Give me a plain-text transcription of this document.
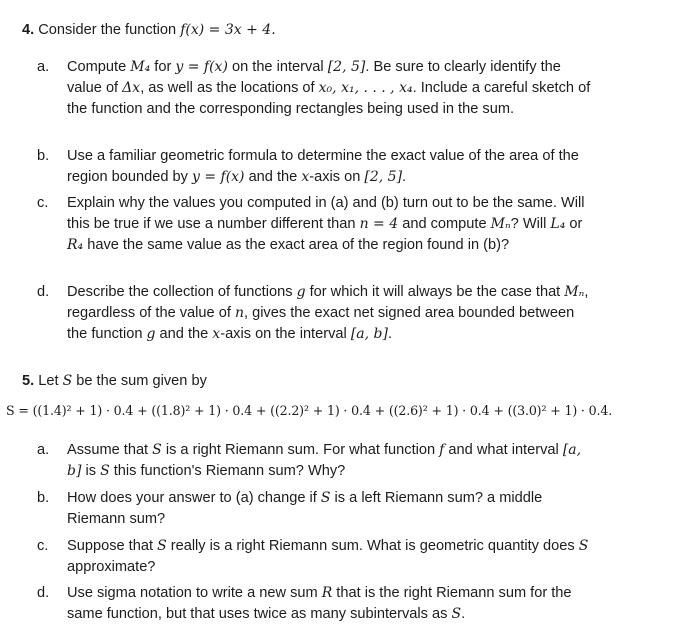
4. Consider the function f(x) = 3x + 4.
a.	Compute M₄ for y = f(x) on the interval [2, 5]. Be sure to clearly identify the value of Δx, as well as the locations of x₀, x₁, . . . , x₄. Include a careful sketch of the function and the corresponding rectangles being used in the sum.
b.	Use a familiar geometric formula to determine the exact value of the area of the region bounded by y = f(x) and the x-axis on [2, 5].
c.	Explain why the values you computed in (a) and (b) turn out to be the same. Will this be true if we use a number different than n = 4 and compute Mₙ? Will L₄ or R₄ have the same value as the exact area of the region found in (b)?
d.	Describe the collection of functions g for which it will always be the case that Mₙ, regardless of the value of n, gives the exact net signed area bounded between the function g and the x-axis on the interval [a, b].
5. Let S be the sum given by
S = ((1.4)² + 1) · 0.4 + ((1.8)² + 1) · 0.4 + ((2.2)² + 1) · 0.4 + ((2.6)² + 1) · 0.4 + ((3.0)² + 1) · 0.4.
a.	Assume that S is a right Riemann sum. For what function f and what interval [a, b] is S this function's Riemann sum? Why?
b.	How does your answer to (a) change if S is a left Riemann sum? a middle Riemann sum?
c.	Suppose that S really is a right Riemann sum. What is geometric quantity does S approximate?
d.	Use sigma notation to write a new sum R that is the right Riemann sum for the same function, but that uses twice as many subintervals as S.
